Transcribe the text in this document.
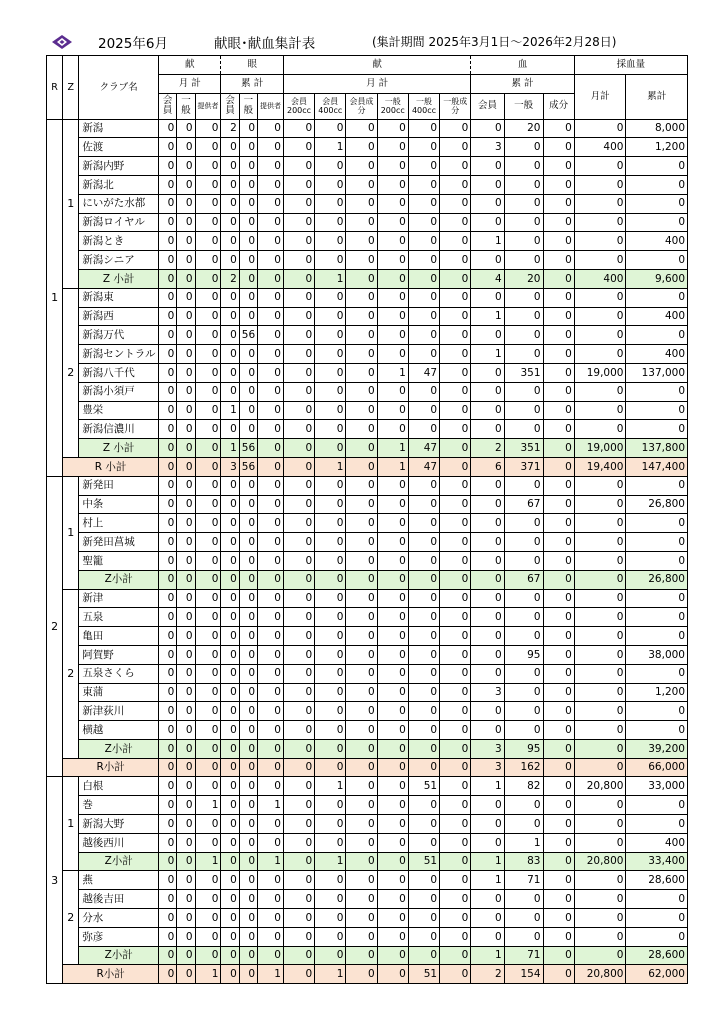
2025年6月	献眼･献血集計表	(集計期間 2025年3月1日～2026年2月28日)
R	Z	クラブ名	献			眼			献						血			採血量	
			月 計			累 計			月 計						累 計			月計	累計
			会員	一般	提供者	会員	一般	提供者	会員200cc	会員400cc	会員成分	一般200cc	一般400cc	一般成分	会員	一般	成分		
1	1	新潟	0	0	0	2	0	0	0	0	0	0	0	0	0	20	0	0	8,000
		佐渡	0	0	0	0	0	0	0	1	0	0	0	0	3	0	0	400	1,200
		新潟内野	0	0	0	0	0	0	0	0	0	0	0	0	0	0	0	0	0
		新潟北	0	0	0	0	0	0	0	0	0	0	0	0	0	0	0	0	0
		にいがた水都	0	0	0	0	0	0	0	0	0	0	0	0	0	0	0	0	0
		新潟ロイヤル	0	0	0	0	0	0	0	0	0	0	0	0	0	0	0	0	0
		新潟とき	0	0	0	0	0	0	0	0	0	0	0	0	1	0	0	0	400
		新潟シニア	0	0	0	0	0	0	0	0	0	0	0	0	0	0	0	0	0
		Z 小計	0	0	0	2	0	0	0	1	0	0	0	0	4	20	0	400	9,600
	2	新潟東	0	0	0	0	0	0	0	0	0	0	0	0	0	0	0	0	0
		新潟西	0	0	0	0	0	0	0	0	0	0	0	0	1	0	0	0	400
		新潟万代	0	0	0	0	56	0	0	0	0	0	0	0	0	0	0	0	0
		新潟セントラル	0	0	0	0	0	0	0	0	0	0	0	0	1	0	0	0	400
		新潟八千代	0	0	0	0	0	0	0	0	0	1	47	0	0	351	0	19,000	137,000
		新潟小須戸	0	0	0	0	0	0	0	0	0	0	0	0	0	0	0	0	0
		豊栄	0	0	0	1	0	0	0	0	0	0	0	0	0	0	0	0	0
		新潟信濃川	0	0	0	0	0	0	0	0	0	0	0	0	0	0	0	0	0
		Z 小計	0	0	0	1	56	0	0	0	0	1	47	0	2	351	0	19,000	137,800
	R 小計		0	0	0	3	56	0	0	1	0	1	47	0	6	371	0	19,400	147,400
2	1	新発田	0	0	0	0	0	0	0	0	0	0	0	0	0	0	0	0	0
		中条	0	0	0	0	0	0	0	0	0	0	0	0	0	67	0	0	26,800
		村上	0	0	0	0	0	0	0	0	0	0	0	0	0	0	0	0	0
		新発田菖城	0	0	0	0	0	0	0	0	0	0	0	0	0	0	0	0	0
		聖籠	0	0	0	0	0	0	0	0	0	0	0	0	0	0	0	0	0
		Z小計	0	0	0	0	0	0	0	0	0	0	0	0	0	67	0	0	26,800
	2	新津	0	0	0	0	0	0	0	0	0	0	0	0	0	0	0	0	0
		五泉	0	0	0	0	0	0	0	0	0	0	0	0	0	0	0	0	0
		亀田	0	0	0	0	0	0	0	0	0	0	0	0	0	0	0	0	0
		阿賀野	0	0	0	0	0	0	0	0	0	0	0	0	0	95	0	0	38,000
		五泉さくら	0	0	0	0	0	0	0	0	0	0	0	0	0	0	0	0	0
		東蒲	0	0	0	0	0	0	0	0	0	0	0	0	3	0	0	0	1,200
		新津荻川	0	0	0	0	0	0	0	0	0	0	0	0	0	0	0	0	0
		横越	0	0	0	0	0	0	0	0	0	0	0	0	0	0	0	0	0
		Z小計	0	0	0	0	0	0	0	0	0	0	0	0	3	95	0	0	39,200
	R小計		0	0	0	0	0	0	0	0	0	0	0	0	3	162	0	0	66,000
3	1	白根	0	0	0	0	0	0	0	1	0	0	51	0	1	82	0	20,800	33,000
		巻	0	0	1	0	0	1	0	0	0	0	0	0	0	0	0	0	0
		新潟大野	0	0	0	0	0	0	0	0	0	0	0	0	0	0	0	0	0
		越後西川	0	0	0	0	0	0	0	0	0	0	0	0	0	1	0	0	400
		Z小計	0	0	1	0	0	1	0	1	0	0	51	0	1	83	0	20,800	33,400
	2	燕	0	0	0	0	0	0	0	0	0	0	0	0	1	71	0	0	28,600
		越後吉田	0	0	0	0	0	0	0	0	0	0	0	0	0	0	0	0	0
		分水	0	0	0	0	0	0	0	0	0	0	0	0	0	0	0	0	0
		弥彦	0	0	0	0	0	0	0	0	0	0	0	0	0	0	0	0	0
		Z小計	0	0	0	0	0	0	0	0	0	0	0	0	1	71	0	0	28,600
	R小計		0	0	1	0	0	1	0	1	0	0	51	0	2	154	0	20,800	62,000
